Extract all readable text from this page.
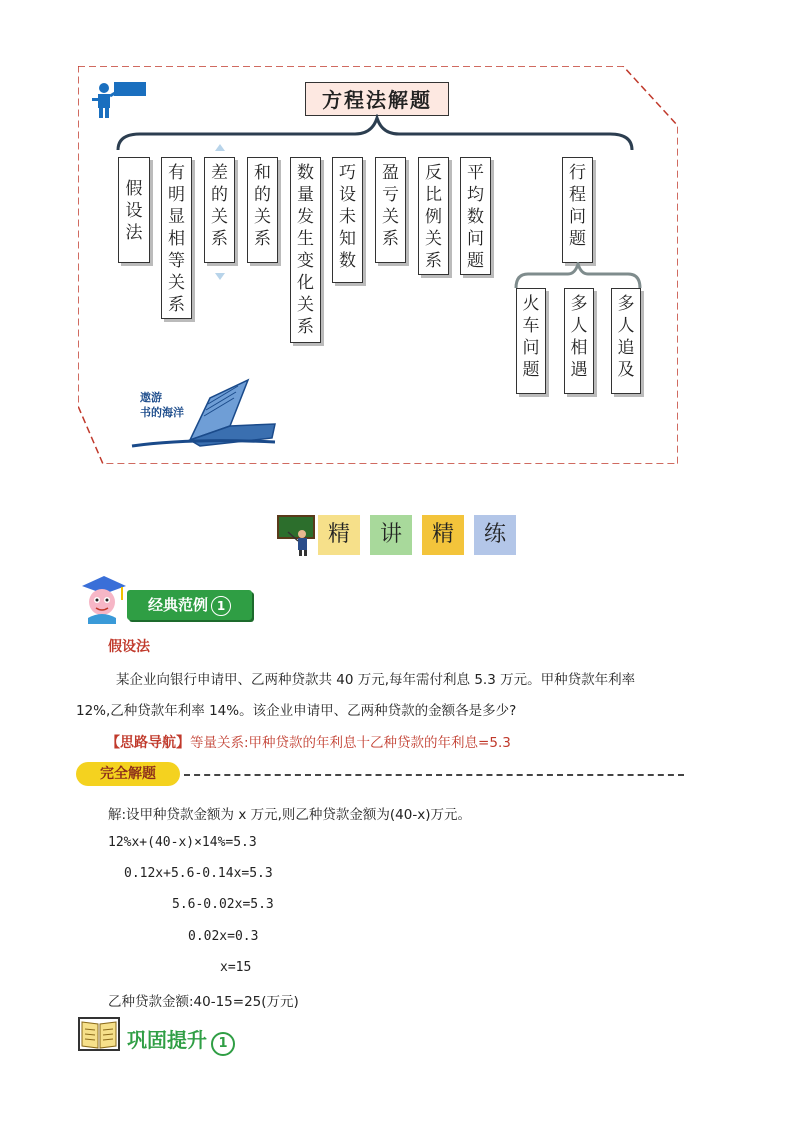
方程法解题
假
设
法
有
明
显
相
等
关
系
差
的
关
系
和
的
关
系
数
量
发
生
变
化
关
系
巧
设
未
知
数
盈
亏
关
系
反
比
例
关
系
平
均
数
问
题
行
程
问
题
火
车
问
题
多
人
相
遇
多
人
追
及
遨游
书的海洋
精	讲	精	练
经典范例 1
假设法
某企业向银行申请甲、乙两种贷款共 40 万元,每年需付利息 5.3 万元。甲种贷款年利率
12%,乙种贷款年利率 14%。该企业申请甲、乙两种贷款的金额各是多少?
【思路导航】等量关系:甲种贷款的年利息十乙种贷款的年利息=5.3
完全解题
解:设甲种贷款金额为 x 万元,则乙种贷款金额为(40-x)万元。
12%x+(40-x)×14%=5.3
0.12x+5.6-0.14x=5.3
5.6-0.02x=5.3
0.02x=0.3
x=15
乙种贷款金额:40-15=25(万元)
巩固提升 1
